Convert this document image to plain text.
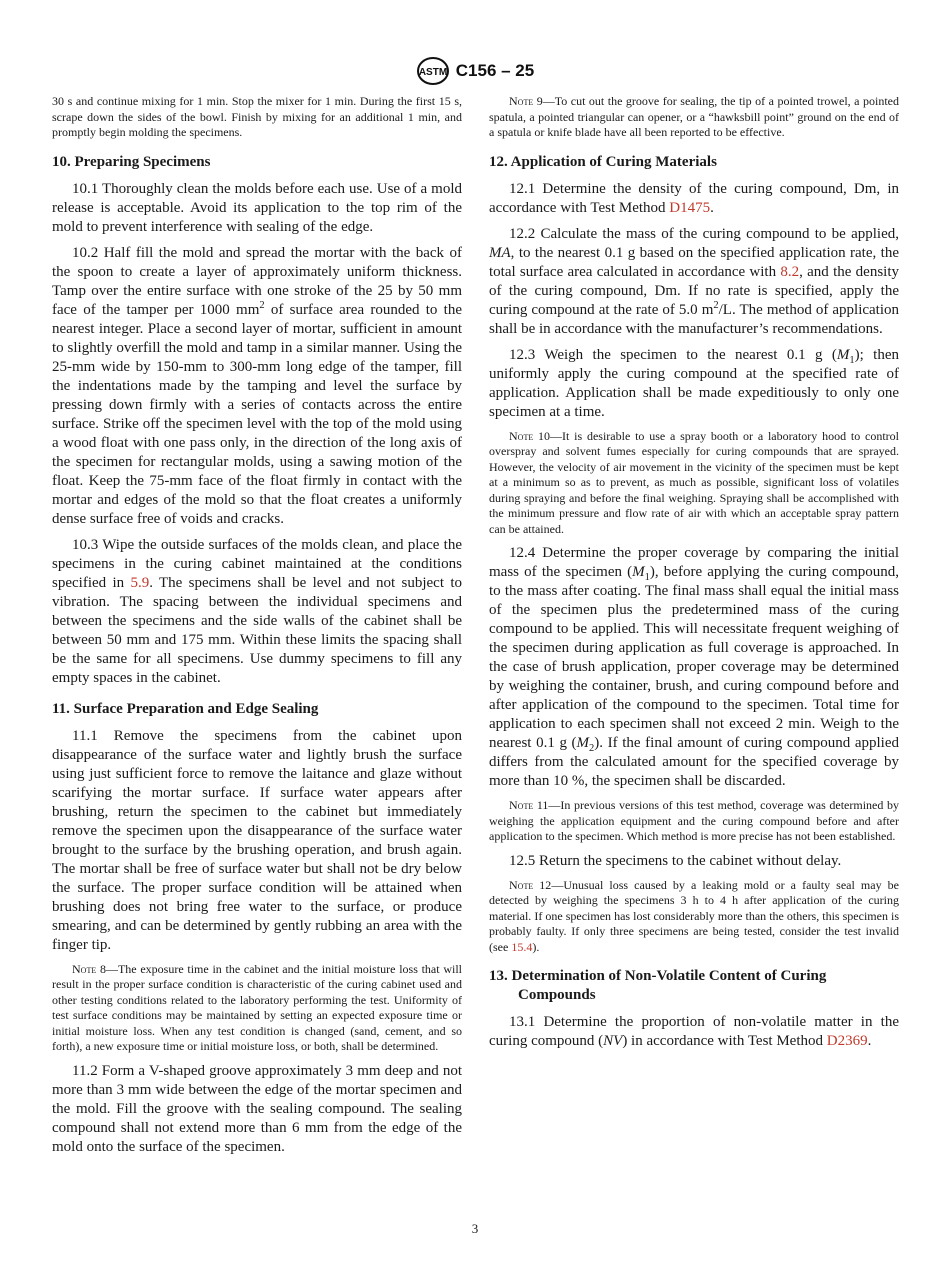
ASTM C156 – 25

30 s and continue mixing for 1 min. Stop the mixer for 1 min. During the first 15 s, scrape down the sides of the bowl. Finish by mixing for an additional 1 min, and promptly begin molding the specimens.

10. Preparing Specimens

10.1 Thoroughly clean the molds before each use. Use of a mold release is acceptable. Avoid its application to the top rim of the mold to prevent interference with sealing of the edge.

10.2 Half fill the mold and spread the mortar with the back of the spoon to create a layer of approximately uniform thickness. Tamp over the entire surface with one stroke of the 25 by 50 mm face of the tamper per 1000 $mm^2$ of surface area rounded to the nearest integer. Place a second layer of mortar, sufficient in amount to slightly overfill the mold and tamp in a similar manner. Using the 25-mm wide by 150-mm to 300-mm long edge of the tamper, fill the indentations made by the tamping and level the surface by pressing down firmly with a series of contacts across the entire surface. Strike off the specimen level with the top of the mold using a wood float with one pass only, in the direction of the long axis of the specimen for rectangular molds, using a sawing motion of the float. Keep the 75-mm face of the float firmly in contact with the mortar and edges of the mold so that the float creates a uniformly dense surface free of voids and cracks.

10.3 Wipe the outside surfaces of the molds clean, and place the specimens in the curing cabinet maintained at the conditions specified in 5.9. The specimens shall be level and not subject to vibration. The spacing between the individual specimens and between the specimens and the side walls of the cabinet shall be between 50 mm and 175 mm. Within these limits the spacing shall be the same for all specimens. Use dummy specimens to fill any empty spaces in the cabinet.

11. Surface Preparation and Edge Sealing

11.1 Remove the specimens from the cabinet upon disappearance of the surface water and lightly brush the surface using just sufficient force to remove the laitance and glaze without scarifying the mortar surface. If surface water appears after brushing, return the specimen to the cabinet but immediately remove the specimen upon the disappearance of the surface water brought to the surface by the brushing operation, and brush again. The mortar shall be free of surface water but shall not be dry below the surface. The proper surface condition will be attained when brushing does not bring free water to the surface, or produce smearing, and can be determined by gently rubbing an area with the finger tip.

Note 8—The exposure time in the cabinet and the initial moisture loss that will result in the proper surface condition is characteristic of the curing cabinet used and other testing conditions related to the laboratory performing the test. Uniformity of test surface conditions may be maintained by setting an expected exposure time or initial moisture loss. When any test condition is changed (sand, cement, and so forth), a new exposure time or initial moisture loss, or both, shall be determined.

11.2 Form a V-shaped groove approximately 3 mm deep and not more than 3 mm wide between the edge of the mortar specimen and the mold. Fill the groove with the sealing compound. The sealing compound shall not extend more than 6 mm from the edge of the mold onto the surface of the specimen.

Note 9—To cut out the groove for sealing, the tip of a pointed trowel, a pointed spatula, a pointed triangular can opener, or a “hawksbill point” ground on the end of a spatula or knife blade have all been reported to be effective.

12. Application of Curing Materials

12.1 Determine the density of the curing compound, Dm, in accordance with Test Method D1475.

12.2 Calculate the mass of the curing compound to be applied, MA, to the nearest 0.1 g based on the specified application rate, the total surface area calculated in accordance with 8.2, and the density of the curing compound, Dm. If no rate is specified, apply the curing compound at the rate of 5.0 $m^2/L$. The method of application shall be in accordance with the manufacturer’s recommendations.

12.3 Weigh the specimen to the nearest 0.1 g $(M_1)$; then uniformly apply the curing compound at the specified rate of application. Application shall be made expeditiously to only one specimen at a time.

Note 10—It is desirable to use a spray booth or a laboratory hood to control overspray and solvent fumes especially for curing compounds that are sprayed. However, the velocity of air movement in the vicinity of the specimen must be kept at a minimum so as to prevent, as much as possible, significant loss of volatiles during spraying and before the final weighing. Spraying shall be accomplished with the minimum pressure and flow rate of air with which an acceptable spray pattern can be attained.

12.4 Determine the proper coverage by comparing the initial mass of the specimen $(M_1)$, before applying the curing compound, to the mass after coating. The final mass shall equal the initial mass of the specimen plus the predetermined mass of the curing compound to be applied. This will necessitate frequent weighing of the specimen during application as full coverage is approached. In the case of brush application, proper coverage may be determined by weighing the container, brush, and curing compound before and after application of the compound to the specimen. Total time for application to each specimen shall not exceed 2 min. Weigh to the nearest 0.1 g $(M_2)$. If the final amount of curing compound applied differs from the calculated amount for the specified coverage by more than 10 %, the specimen shall be discarded.

Note 11—In previous versions of this test method, coverage was determined by weighing the application equipment and the curing compound before and after application to the specimen. Which method is more precise has not been established.

12.5 Return the specimens to the cabinet without delay.

Note 12—Unusual loss caused by a leaking mold or a faulty seal may be detected by weighing the specimens 3 h to 4 h after application of the curing material. If one specimen has lost considerably more than the others, this specimen is probably faulty. If only three specimens are being tested, consider the test invalid (see 15.4).

13. Determination of Non-Volatile Content of Curing Compounds

13.1 Determine the proportion of non-volatile matter in the curing compound (NV) in accordance with Test Method D2369.

3
